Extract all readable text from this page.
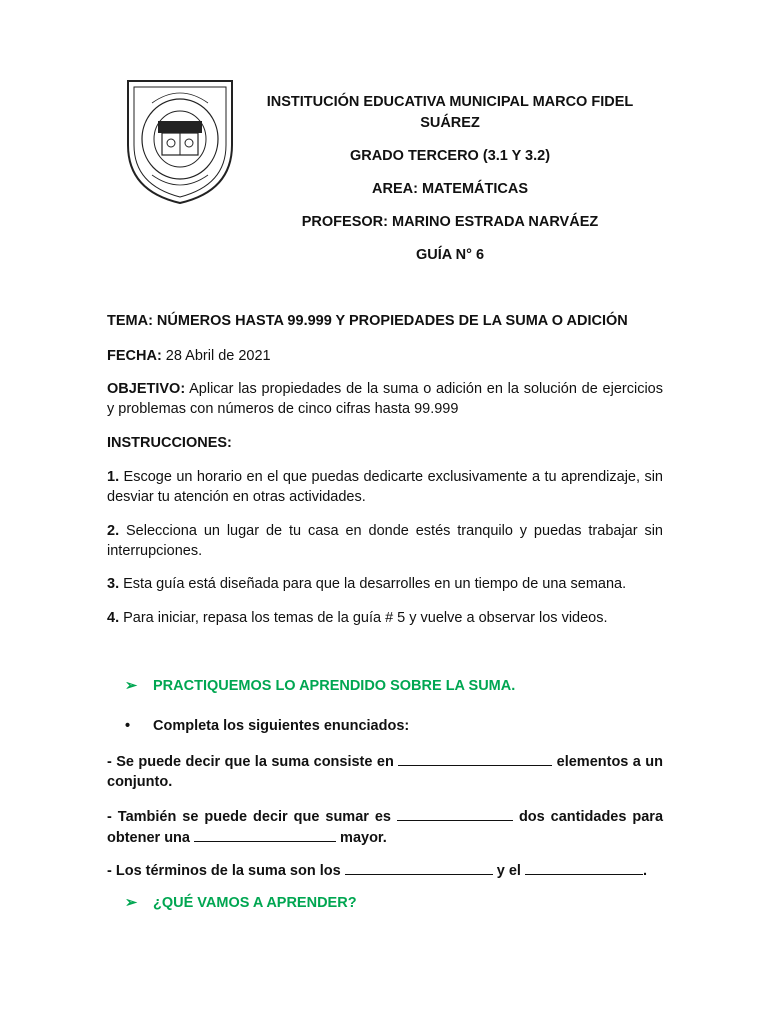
INSTITUCIÓN EDUCATIVA MUNICIPAL MARCO FIDEL
SUÁREZ
GRADO TERCERO (3.1 Y 3.2)
AREA: MATEMÁTICAS
PROFESOR: MARINO ESTRADA NARVÁEZ
GUÍA N° 6
TEMA: NÚMEROS HASTA 99.999 Y PROPIEDADES DE LA SUMA O ADICIÓN
FECHA: 28 Abril de 2021
OBJETIVO: Aplicar las propiedades de la suma o adición en la solución de ejercicios y problemas con números de cinco cifras hasta 99.999
INSTRUCCIONES:
1. Escoge un horario en el que puedas dedicarte exclusivamente a tu aprendizaje, sin desviar tu atención en otras actividades.
2. Selecciona un lugar de tu casa en donde estés tranquilo y puedas trabajar sin interrupciones.
3. Esta guía está diseñada para que la desarrolles en un tiempo de una semana.
4. Para iniciar, repasa los temas de la guía # 5 y vuelve a observar los videos.
➢ PRACTIQUEMOS LO APRENDIDO SOBRE LA SUMA.
• Completa los siguientes enunciados:
- Se puede decir que la suma consiste en	elementos a un conjunto.
- También se puede decir que sumar es	dos cantidades para obtener una	mayor.
- Los términos de la suma son los	y el	.
➢ ¿QUÉ VAMOS A APRENDER?
